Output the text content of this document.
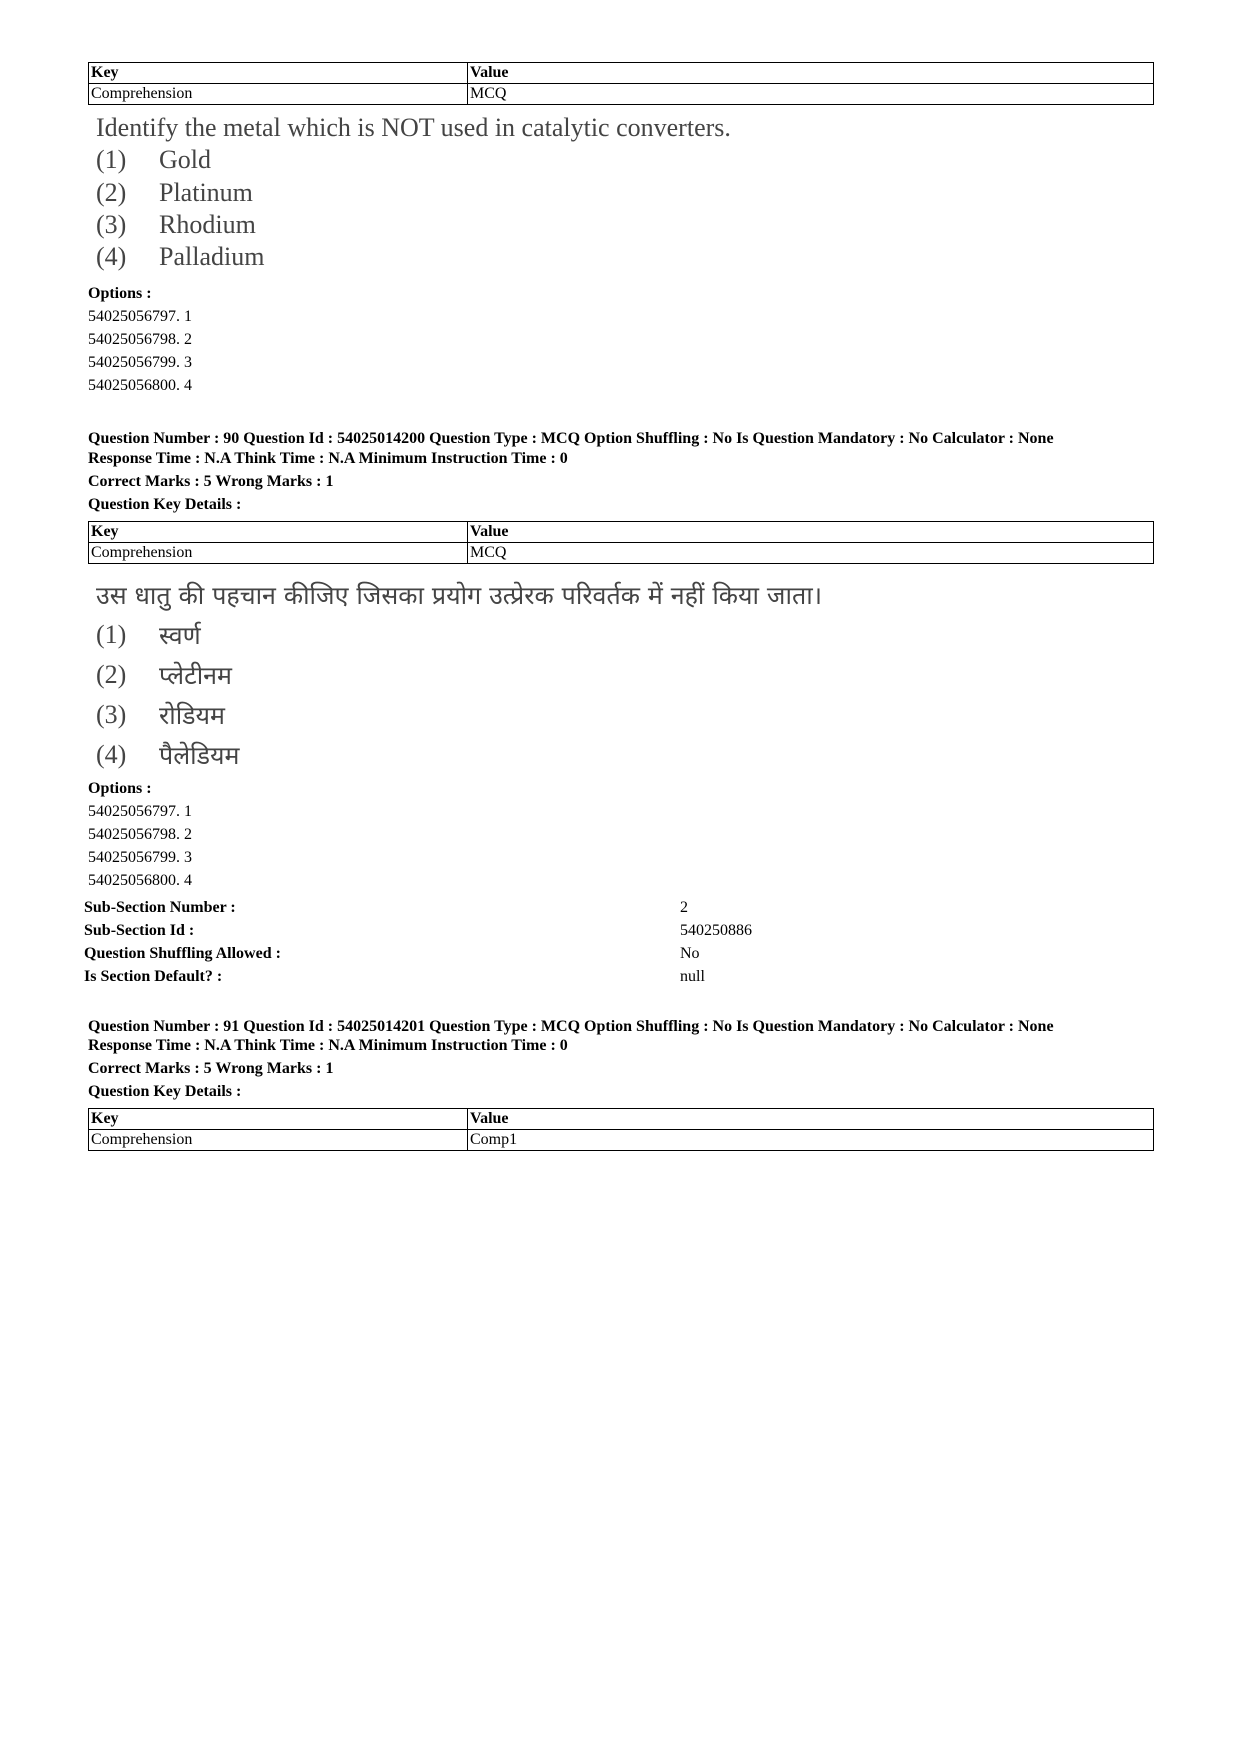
Key	Value
Comprehension	MCQ
Identify the metal which is NOT used in catalytic converters.
(1) Gold
(2) Platinum
(3) Rhodium
(4) Palladium
Options :
54025056797. 1
54025056798. 2
54025056799. 3
54025056800. 4
Question Number : 90 Question Id : 54025014200 Question Type : MCQ Option Shuffling : No Is Question Mandatory : No Calculator : None
Response Time : N.A Think Time : N.A Minimum Instruction Time : 0
Correct Marks : 5 Wrong Marks : 1
Question Key Details :
Key	Value
Comprehension	MCQ
उस धातु की पहचान कीजिए जिसका प्रयोग उत्प्रेरक परिवर्तक में नहीं किया जाता।
(1) स्वर्ण
(2) प्लेटीनम
(3) रोडियम
(4) पैलेडियम
Options :
54025056797. 1
54025056798. 2
54025056799. 3
54025056800. 4
Sub-Section Number :	2
Sub-Section Id :	540250886
Question Shuffling Allowed :	No
Is Section Default? :	null
Question Number : 91 Question Id : 54025014201 Question Type : MCQ Option Shuffling : No Is Question Mandatory : No Calculator : None
Response Time : N.A Think Time : N.A Minimum Instruction Time : 0
Correct Marks : 5 Wrong Marks : 1
Question Key Details :
Key	Value
Comprehension	Comp1
